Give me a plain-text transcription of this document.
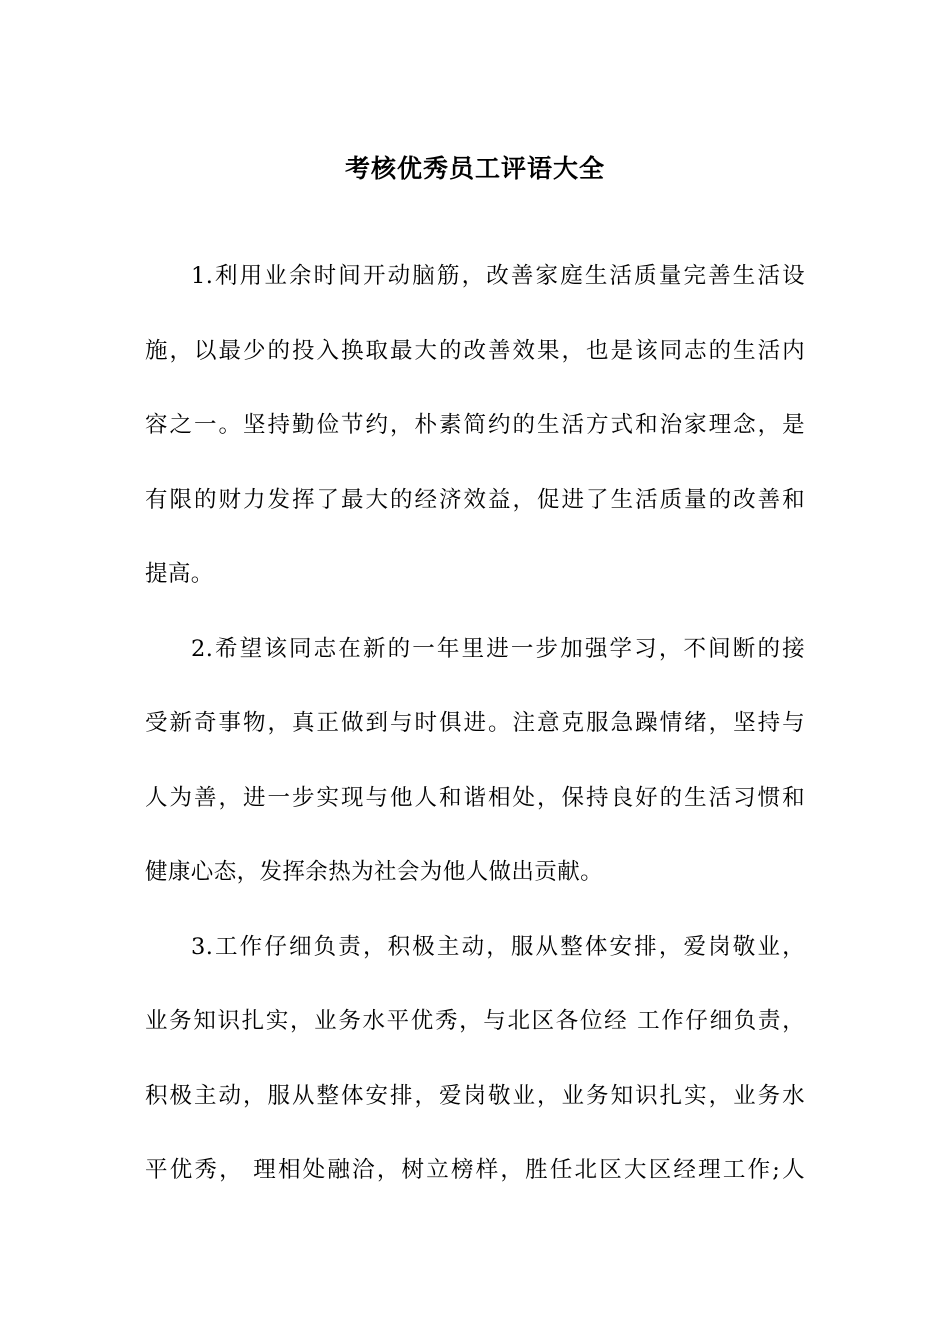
考核优秀员工评语大全
1.利用业余时间开动脑筋，改善家庭生活质量完善生活设
施，以最少的投入换取最大的改善效果，也是该同志的生活内
容之一。坚持勤俭节约，朴素简约的生活方式和治家理念，是
有限的财力发挥了最大的经济效益，促进了生活质量的改善和
提高。
2.希望该同志在新的一年里进一步加强学习，不间断的接
受新奇事物，真正做到与时俱进。注意克服急躁情绪，坚持与
人为善，进一步实现与他人和谐相处，保持良好的生活习惯和
健康心态，发挥余热为社会为他人做出贡献。
3.工作仔细负责，积极主动，服从整体安排，爱岗敬业，
业务知识扎实，业务水平优秀，与北区各位经 工作仔细负责，
积极主动，服从整体安排，爱岗敬业，业务知识扎实，业务水
平优秀， 理相处融洽，树立榜样，胜任北区大区经理工作;人
